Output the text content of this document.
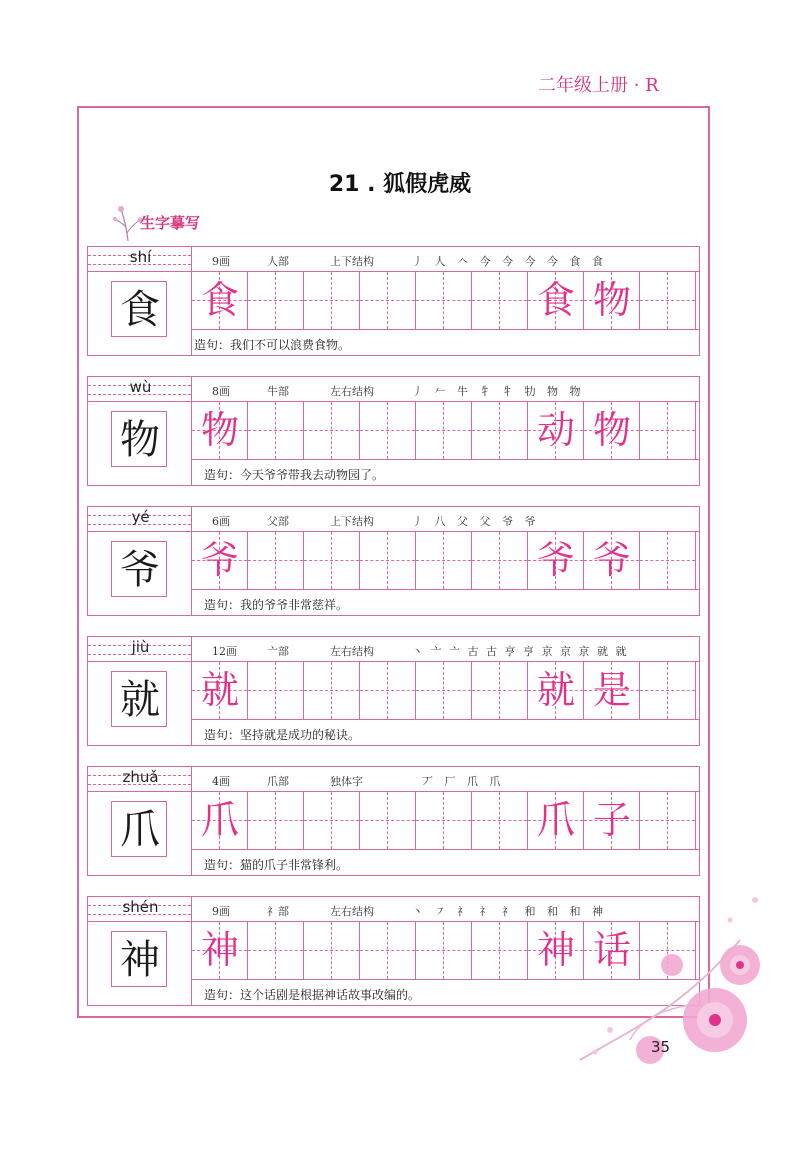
二年级上册 · R
21 . 狐假虎威
生字摹写
shí	9画	人部	上下结构	丿 人 𠆢 今 今 今 今 食 食
食 食	食 物
造句：我们不可以浪费食物。
wù	8画	牛部	左右结构	丿 𠂉 牛 牜 牜 牞 物 物
物 物	动 物
造句：今天爷爷带我去动物园了。
yé	6画	父部	上下结构	丿 八 父 父 爷 爷
爷 爷	爷 爷
造句：我的爷爷非常慈祥。
jiù	12画	亠部	左右结构	丶 亠 亠 古 古 亨 亨 京 京 京 就 就
就 就	就 是
造句：坚持就是成功的秘诀。
zhuǎ	4画	爪部	独体字	丆 厂 爪 爪
爪 爪	爪 子
造句：猫的爪子非常锋利。
shén	9画	礻部	左右结构	丶 ㇇ 礻 礻 礻 和 和 和 神
神 神	神 话
造句：这个话剧是根据神话故事改编的。
35
